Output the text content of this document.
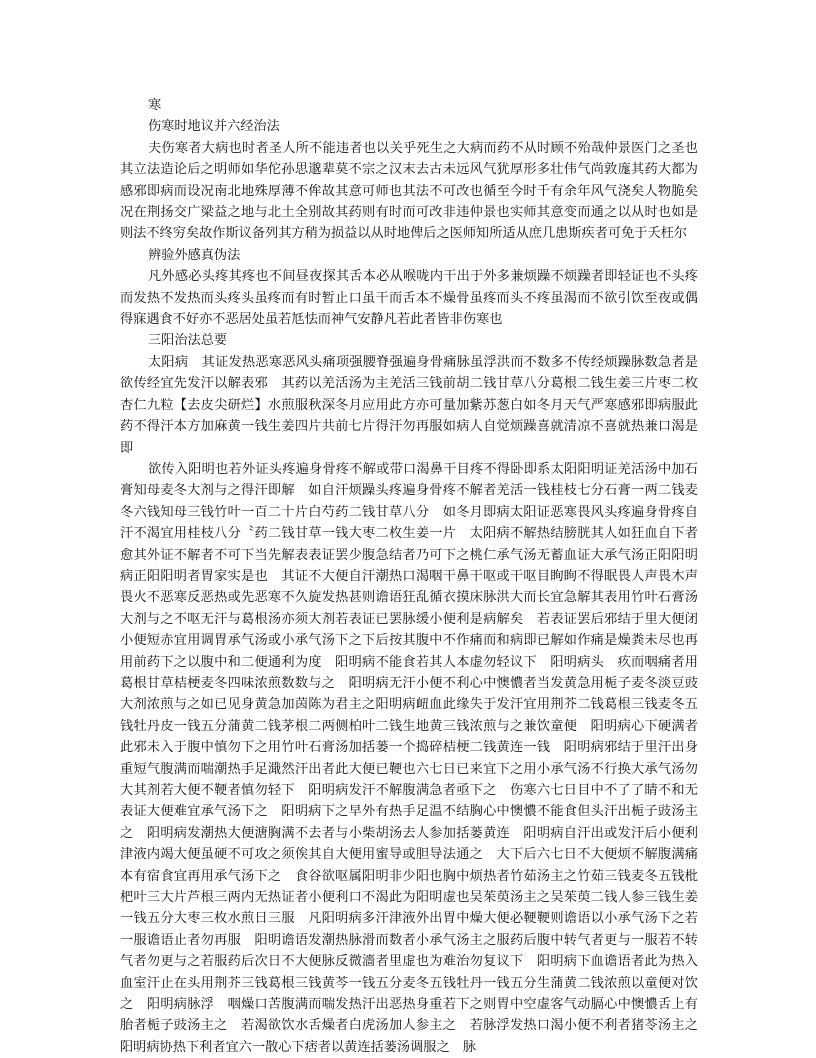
寒

伤寒时地议并六经治法

夫伤寒者大病也时者圣人所不能违者也以关乎死生之大病而药不从时顾不殆哉仲景医门之圣也其立法造论后之明师如华佗孙思邈辈莫不宗之汉末去古未远风气犹厚形多壮伟气尚敦庬其药大都为感邪即病而设况南北地殊厚薄不侔故其意可师也其法不可改也循至今时千有余年风气浇矣人物脆矣况在荆扬交广梁益之地与北土全别故其药则有时而可改非违仲景也实师其意变而通之以从时也如是则法不终穷矣故作斯议备列其方稍为损益以从时地俾后之医师知所适从庶几患斯疾者可免于夭枉尔

辨验外感真伪法

凡外感必头疼其疼也不间昼夜探其舌本必从喉咙内干出于外多兼烦躁不烦躁者即轻证也不头疼而发热不发热而头疼头虽疼而有时暂止口虽干而舌本不燥骨虽疼而头不疼虽渴而不欲引饮至夜或偶得寐遇食不好亦不恶居处虽若尪怯而神气安静凡若此者皆非伤寒也

三阳治法总要

太阳病　其证发热恶寒恶风头痛项强腰脊强遍身骨痛脉虽浮洪而不数多不传经烦躁脉数急者是欲传经宜先发汗以解表邪　其药以羌活汤为主羌活三钱前胡二钱甘草八分葛根二钱生姜三片枣二枚杏仁九粒【去皮尖研烂】水煎服秋深冬月应用此方亦可量加紫苏葱白如冬月天气严寒感邪即病服此药不得汗本方加麻黄一钱生姜四片共前七片得汗勿再服如病人自觉烦躁喜就清凉不喜就热兼口渴是即

欲传入阳明也若外证头疼遍身骨疼不解或带口渴鼻干目疼不得卧即系太阳阳明证羌活汤中加石膏知母麦冬大剂与之得汗即解　如自汗烦躁头疼遍身骨疼不解者羌活一钱桂枝七分石膏一两二钱麦冬六钱知母三钱竹叶一百二十片白芍药二钱甘草八分　如冬月即病太阳证恶寒畏风头疼遍身骨疼自汗不渴宜用桂枝八分〝药二钱甘草一钱大枣二枚生姜一片　太阳病不解热结膀胱其人如狂血自下者愈其外证不解者不可下当先解表表证罢少腹急结者乃可下之桃仁承气汤无蓄血证大承气汤正阳阳明病正阳阳明者胃家实是也　其证不大便自汗潮热口渴咽干鼻干呕或干呕目眴眴不得眠畏人声畏木声畏火不恶寒反恶热或先恶寒不久旋发热甚则谵语狂乱循衣摸床脉洪大而长宜急解其表用竹叶石膏汤大剂与之不呕无汗与葛根汤亦须大剂若表证已罢脉缓小便利是病解矣　若表证罢后邪结于里大便闭小便短赤宜用调胃承气汤或小承气汤下之下后按其腹中不作痛而和病即已解如作痛是燥粪未尽也再用前药下之以腹中和二便通利为度　阳明病不能食若其人本虚勿轻议下　阳明病头　疚而咽痛者用葛根甘草桔梗麦冬四味浓煎数数与之　阳明病无汗小便不利心中懊憹者当发黄急用栀子麦冬淡豆豉大剂浓煎与之如已见身黄急加茵陈为君主之阳明病衄血此缘失于发汗宜用荆芥二钱葛根三钱麦冬五钱牡丹皮一钱五分蒲黄二钱茅根二两侧柏叶二钱生地黄三钱浓煎与之兼饮童便　阳明病心下硬满者此邪未入于腹中慎勿下之用竹叶石膏汤加括蒌一个捣碎桔梗二钱黄连一钱　阳明病邪结于里汗出身重短气腹满而喘潮热手足濈然汗出者此大便已鞕也六七日已来宜下之用小承气汤不行换大承气汤勿大其剂若大便不鞕者慎勿轻下　阳明病发汗不解腹满急者亟下之　伤寒六七日目中不了了睛不和无表证大便难宜承气汤下之　阳明病下之早外有热手足温不结胸心中懊憹不能食但头汗出栀子豉汤主之　阳明病发潮热大便溏胸满不去者与小柴胡汤去人参加括蒌黄连　阳明病自汗出或发汗后小便利津液内竭大便虽硬不可攻之须俟其自大便用蜜导或胆导法通之　大下后六七日不大便烦不解腹满痛本有宿食宜再用承气汤下之　食谷欲呕属阳明非少阳也胸中烦热者竹茹汤主之竹茹三钱麦冬五钱枇杷叶三大片芦根三两内无热证者小便利口不渴此为阳明虚也吴茱萸汤主之吴茱萸二钱人参三钱生姜一钱五分大枣三枚水煎日三服　凡阳明病多汗津液外出胃中燥大便必鞕鞕则谵语以小承气汤下之若一服谵语止者勿再服　阳明谵语发潮热脉滑而数者小承气汤主之服药后腹中转气者更与一服若不转气者勿更与之若服药后次日不大便脉反微濇者里虚也为难治勿复议下　阳明病下血谵语者此为热入血室汗止在头用荆芥三钱葛根三钱黄芩一钱五分麦冬五钱牡丹一钱五分生蒲黄二钱浓煎以童便对饮之　阳明病脉浮　咽燥口苦腹满而喘发热汗出恶热身重若下之则胃中空虚客气动膈心中懊憹舌上有胎者栀子豉汤主之　若渴欲饮水舌燥者白虎汤加人参主之　若脉浮发热口渴小便不利者猪苓汤主之　阳明病协热下利者宜六一散心下痞者以黄连括蒌汤调服之　脉
